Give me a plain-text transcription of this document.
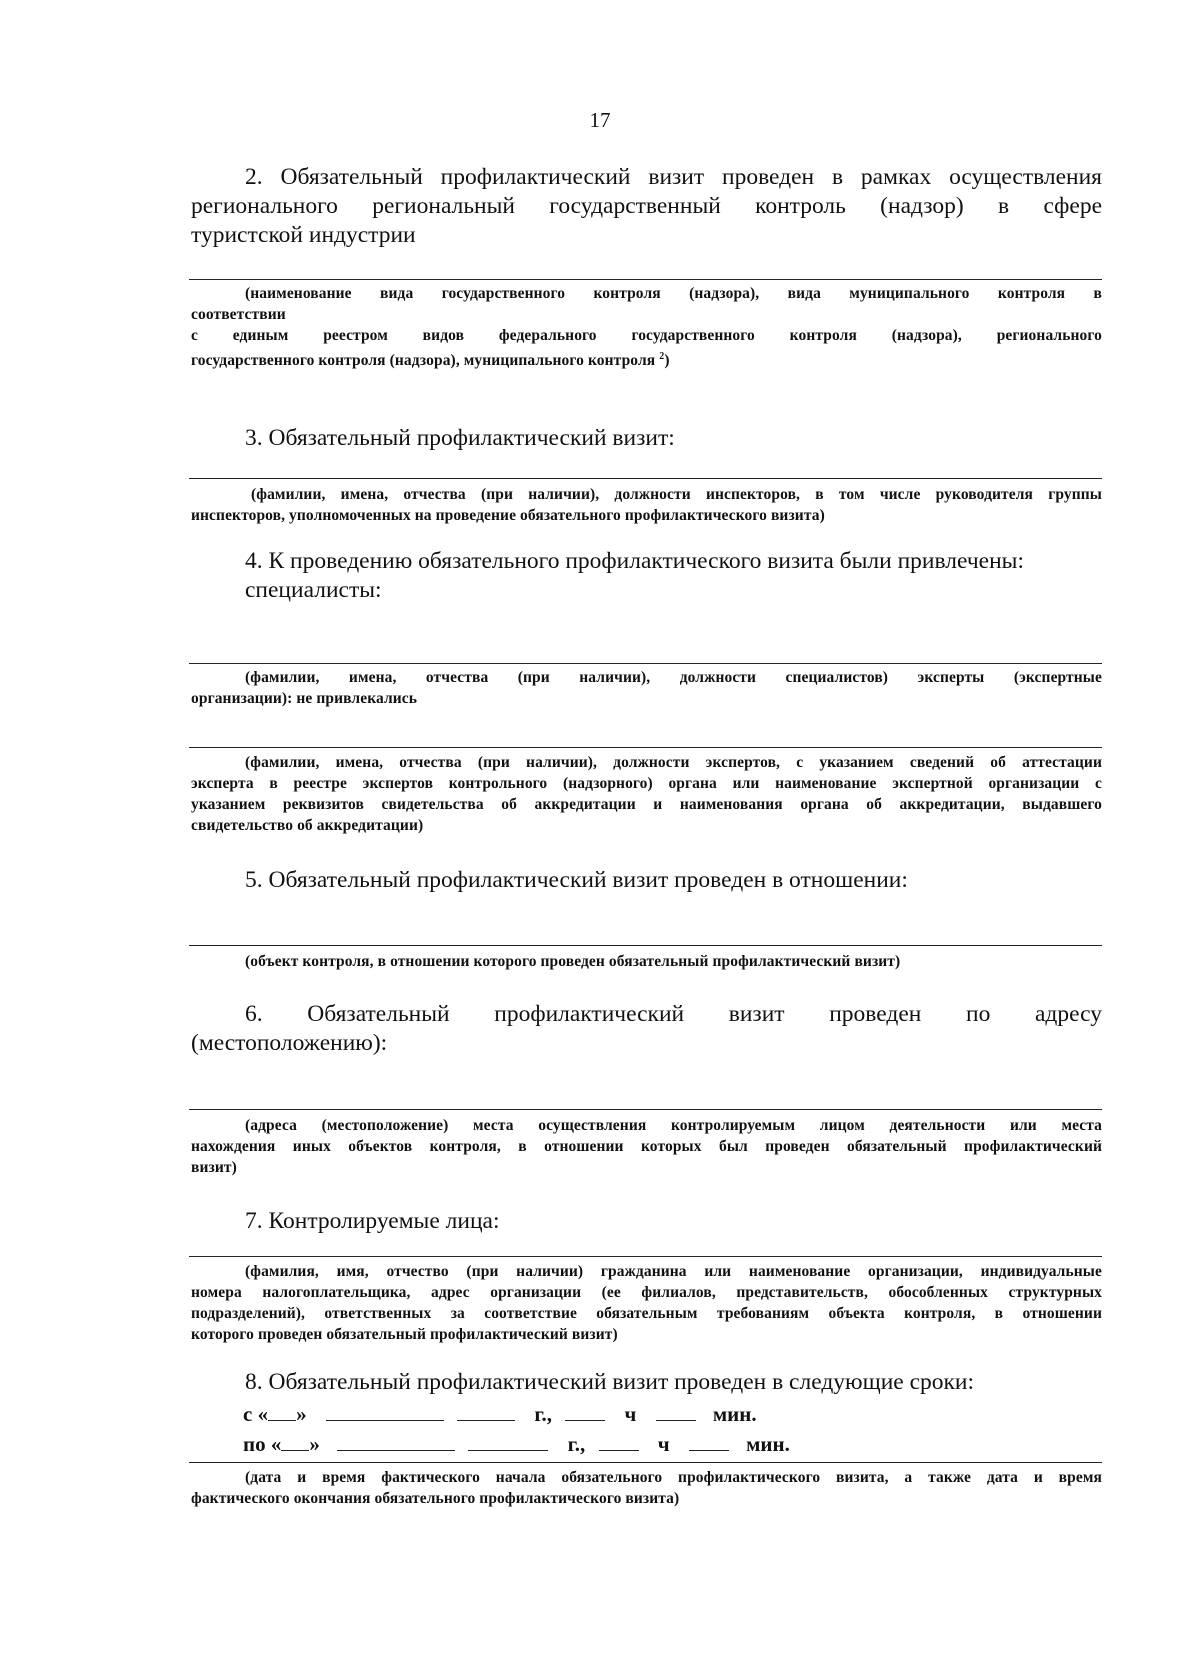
17
2. Обязательный профилактический визит проведен в рамках осуществления
регионального региональный государственный контроль (надзор) в сфере
туристской индустрии
(наименование вида государственного контроля (надзора), вида муниципального контроля в
соответствии
с единым реестром видов федерального государственного контроля (надзора), регионального
государственного контроля (надзора), муниципального контроля $^2$)
3. Обязательный профилактический визит:
(фамилии, имена, отчества (при наличии), должности инспекторов, в том числе руководителя группы
инспекторов, уполномоченных на проведение обязательного профилактического визита)
4. К проведению обязательного профилактического визита были привлечены:
специалисты:
(фамилии, имена, отчества (при наличии), должности специалистов) эксперты (экспертные
организации): не привлекались
(фамилии, имена, отчества (при наличии), должности экспертов, с указанием сведений об аттестации
эксперта в реестре экспертов контрольного (надзорного) органа или наименование экспертной организации с
указанием реквизитов свидетельства об аккредитации и наименования органа об аккредитации, выдавшего
свидетельство об аккредитации)
5. Обязательный профилактический визит проведен в отношении:
(объект контроля, в отношении которого проведен обязательный профилактический визит)
6. Обязательный профилактический визит проведен по адресу
(местоположению):
(адреса (местоположение) места осуществления контролируемым лицом деятельности или места
нахождения иных объектов контроля, в отношении которых был проведен обязательный профилактический
визит)
7. Контролируемые лица:
(фамилия, имя, отчество (при наличии) гражданина или наименование организации, индивидуальные
номера налогоплательщика, адрес организации (ее филиалов, представительств, обособленных структурных
подразделений), ответственных за соответствие обязательным требованиям объекта контроля, в отношении
которого проведен обязательный профилактический визит)
8. Обязательный профилактический визит проведен в следующие сроки:
с « »	г.,	ч	мин.
по « »	г.,	ч	мин.
(дата и время фактического начала обязательного профилактического визита, а также дата и время
фактического окончания обязательного профилактического визита)
